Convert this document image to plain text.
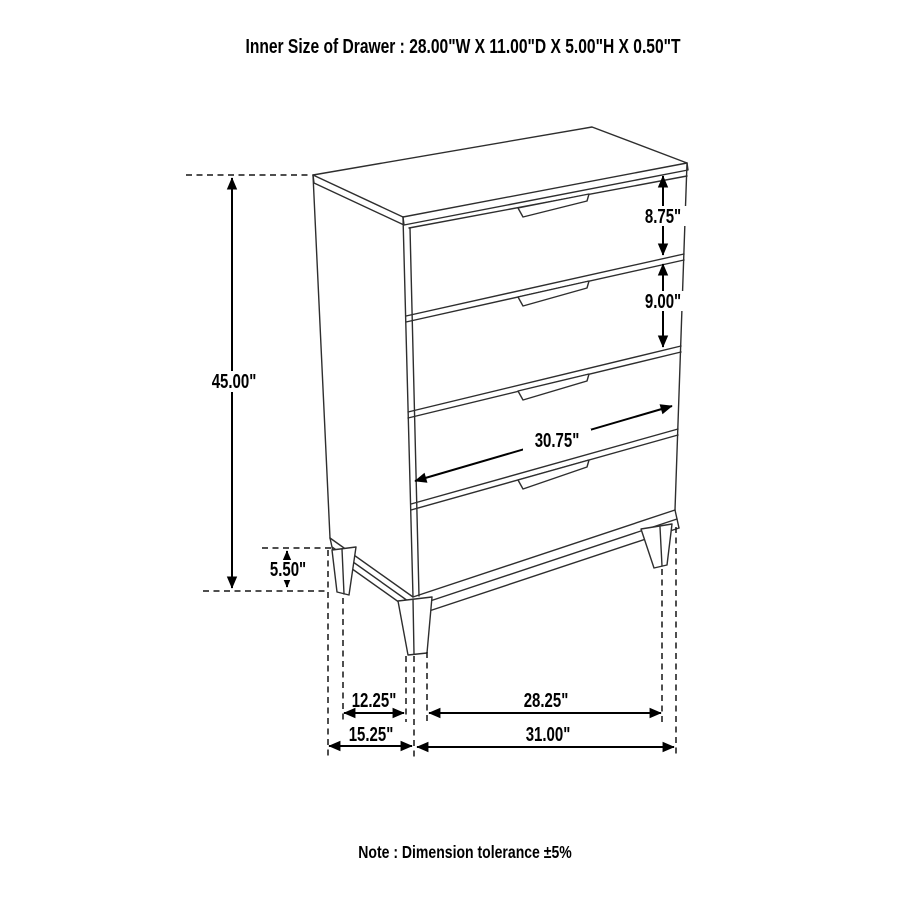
45.00"
5.50"
8.75"
9.00"
30.75"
12.25"	28.25"
15.25"	31.00"
Inner Size of Drawer : 28.00"W X 11.00"D X 5.00"H X 0.50"T
Note : Dimension tolerance ±5%
